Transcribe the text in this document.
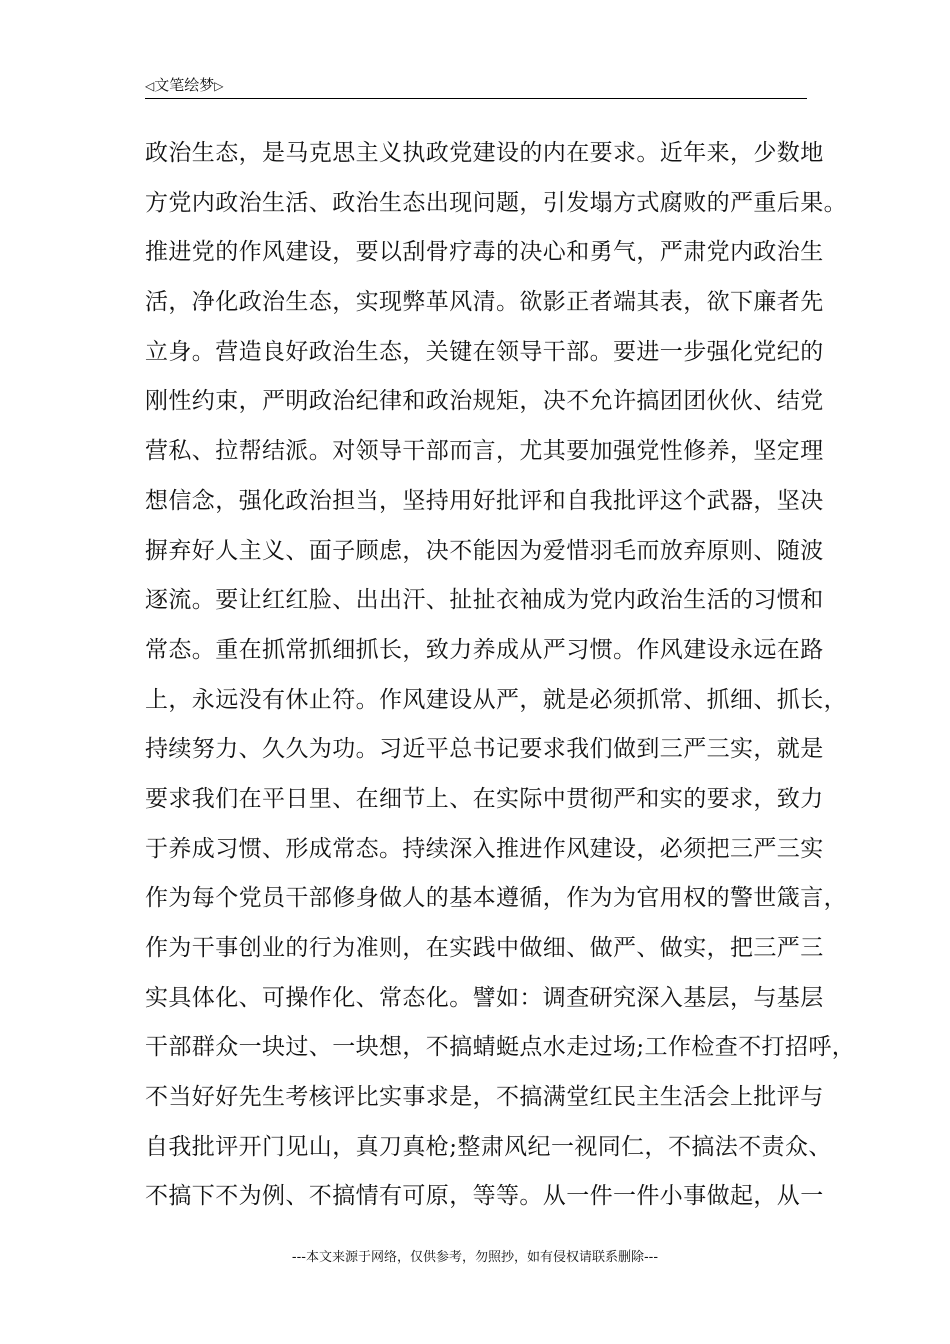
◁文笔绘梦▷
政治生态，是马克思主义执政党建设的内在要求。近年来，少数地
方党内政治生活、政治生态出现问题，引发塌方式腐败的严重后果。
推进党的作风建设，要以刮骨疗毒的决心和勇气，严肃党内政治生
活，净化政治生态，实现弊革风清。欲影正者端其表，欲下廉者先
立身。营造良好政治生态，关键在领导干部。要进一步强化党纪的
刚性约束，严明政治纪律和政治规矩，决不允许搞团团伙伙、结党
营私、拉帮结派。对领导干部而言，尤其要加强党性修养，坚定理
想信念，强化政治担当，坚持用好批评和自我批评这个武器，坚决
摒弃好人主义、面子顾虑，决不能因为爱惜羽毛而放弃原则、随波
逐流。要让红红脸、出出汗、扯扯衣袖成为党内政治生活的习惯和
常态。重在抓常抓细抓长，致力养成从严习惯。作风建设永远在路
上，永远没有休止符。作风建设从严，就是必须抓常、抓细、抓长，
持续努力、久久为功。习近平总书记要求我们做到三严三实，就是
要求我们在平日里、在细节上、在实际中贯彻严和实的要求，致力
于养成习惯、形成常态。持续深入推进作风建设，必须把三严三实
作为每个党员干部修身做人的基本遵循，作为为官用权的警世箴言，
作为干事创业的行为准则，在实践中做细、做严、做实，把三严三
实具体化、可操作化、常态化。譬如：调查研究深入基层，与基层
干部群众一块过、一块想，不搞蜻蜓点水走过场;工作检查不打招呼，
不当好好先生考核评比实事求是，不搞满堂红民主生活会上批评与
自我批评开门见山，真刀真枪;整肃风纪一视同仁，不搞法不责众、
不搞下不为例、不搞情有可原，等等。从一件一件小事做起，从一
---本文来源于网络，仅供参考，勿照抄，如有侵权请联系删除---
